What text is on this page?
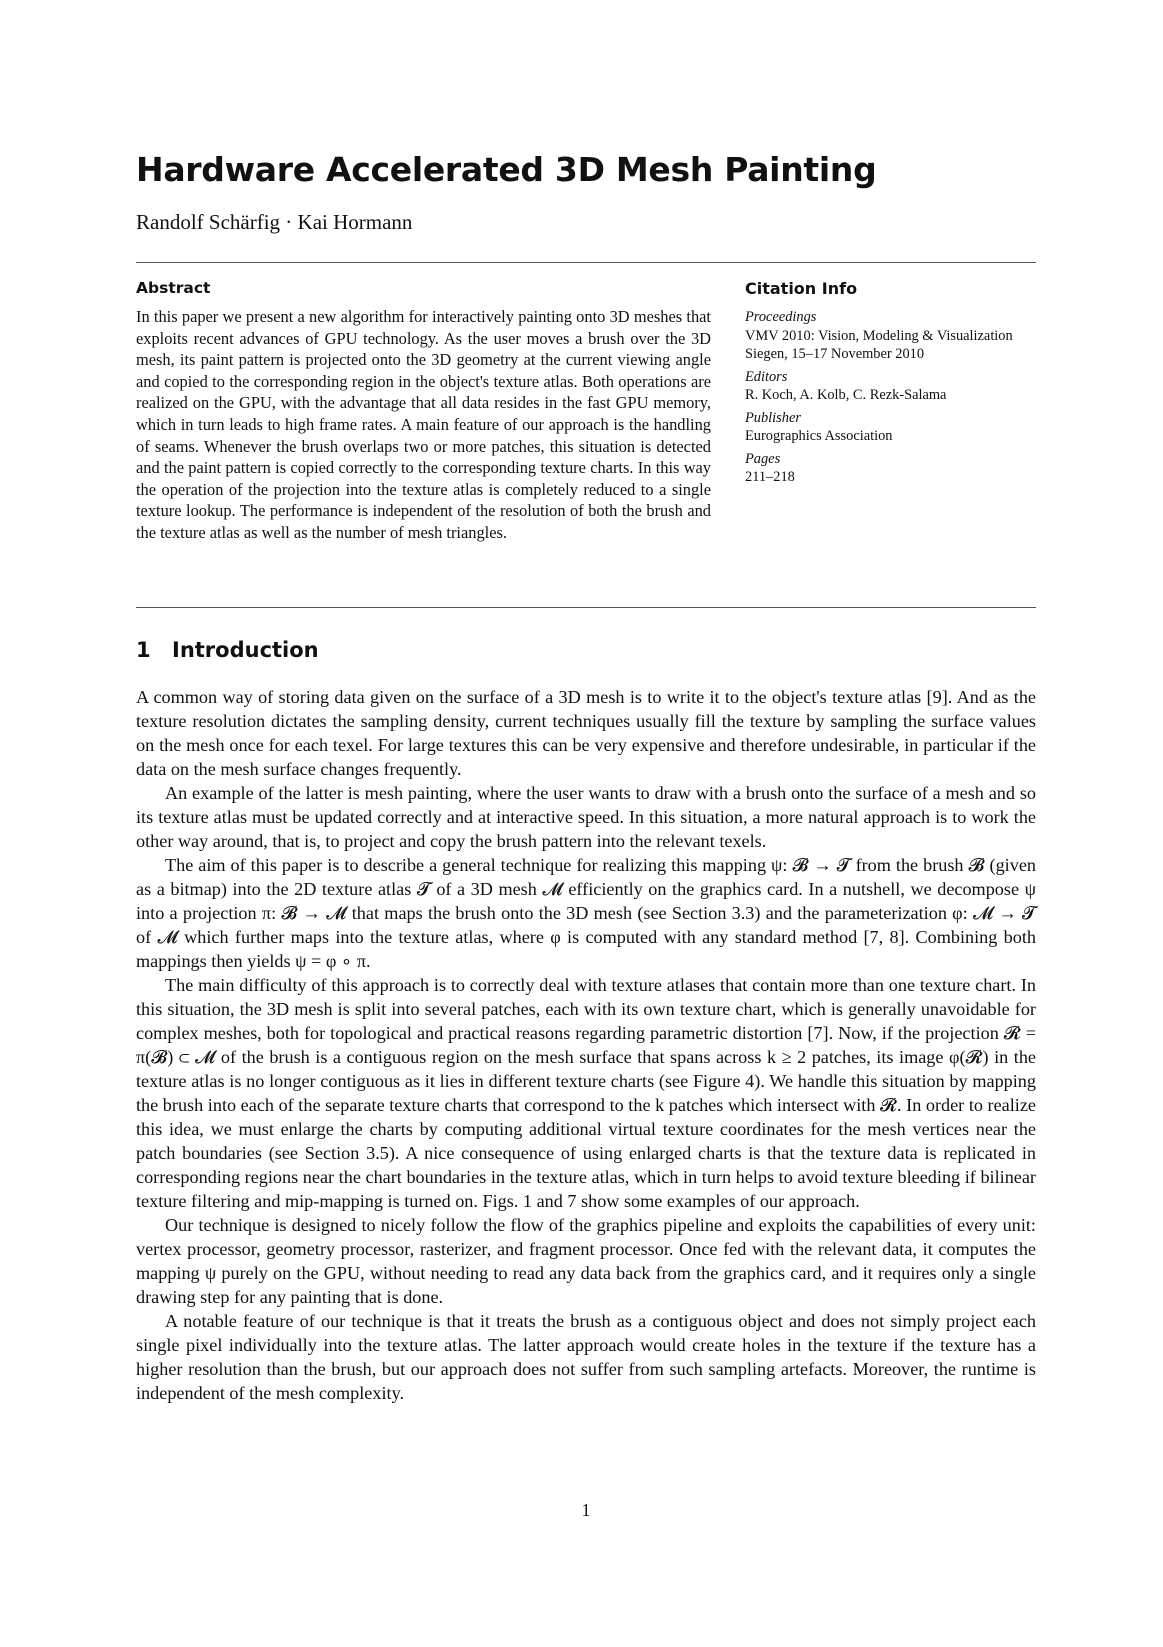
Hardware Accelerated 3D Mesh Painting
Randolf Schärfig · Kai Hormann
Abstract

In this paper we present a new algorithm for interactively painting onto 3D meshes that exploits recent advances of GPU technology. As the user moves a brush over the 3D mesh, its paint pattern is projected onto the 3D geometry at the current viewing angle and copied to the corresponding region in the object's texture atlas. Both operations are realized on the GPU, with the advantage that all data resides in the fast GPU memory, which in turn leads to high frame rates. A main feature of our approach is the handling of seams. Whenever the brush overlaps two or more patches, this situation is detected and the paint pattern is copied correctly to the corresponding texture charts. In this way the operation of the projection into the texture atlas is completely reduced to a single texture lookup. The performance is independent of the resolution of both the brush and the texture atlas as well as the number of mesh triangles.

Citation Info
Proceedings
VMV 2010: Vision, Modeling & Visualization
Siegen, 15–17 November 2010
Editors
R. Koch, A. Kolb, C. Rezk-Salama
Publisher
Eurographics Association
Pages
211–218
1 Introduction

A common way of storing data given on the surface of a 3D mesh is to write it to the object's texture atlas [9]. And as the texture resolution dictates the sampling density, current techniques usually fill the texture by sampling the surface values on the mesh once for each texel. For large textures this can be very expensive and therefore undesirable, in particular if the data on the mesh surface changes frequently.

An example of the latter is mesh painting, where the user wants to draw with a brush onto the surface of a mesh and so its texture atlas must be updated correctly and at interactive speed. In this situation, a more natural approach is to work the other way around, that is, to project and copy the brush pattern into the relevant texels.

The aim of this paper is to describe a general technique for realizing this mapping ψ: 𝓑 → 𝓣 from the brush 𝓑 (given as a bitmap) into the 2D texture atlas 𝓣 of a 3D mesh 𝓜 efficiently on the graphics card. In a nutshell, we decompose ψ into a projection π: 𝓑 → 𝓜 that maps the brush onto the 3D mesh (see Section 3.3) and the parameterization φ: 𝓜 → 𝓣 of 𝓜 which further maps into the texture atlas, where φ is computed with any standard method [7, 8]. Combining both mappings then yields ψ = φ ∘ π.

The main difficulty of this approach is to correctly deal with texture atlases that contain more than one texture chart. In this situation, the 3D mesh is split into several patches, each with its own texture chart, which is generally unavoidable for complex meshes, both for topological and practical reasons regarding parametric distortion [7]. Now, if the projection 𝓡 = π(𝓑) ⊂ 𝓜 of the brush is a contiguous region on the mesh surface that spans across k ≥ 2 patches, its image φ(𝓡) in the texture atlas is no longer contiguous as it lies in different texture charts (see Figure 4). We handle this situation by mapping the brush into each of the separate texture charts that correspond to the k patches which intersect with 𝓡. In order to realize this idea, we must enlarge the charts by computing additional virtual texture coordinates for the mesh vertices near the patch boundaries (see Section 3.5). A nice consequence of using enlarged charts is that the texture data is replicated in corresponding regions near the chart boundaries in the texture atlas, which in turn helps to avoid texture bleeding if bilinear texture filtering and mip-mapping is turned on. Figs. 1 and 7 show some examples of our approach.

Our technique is designed to nicely follow the flow of the graphics pipeline and exploits the capabilities of every unit: vertex processor, geometry processor, rasterizer, and fragment processor. Once fed with the relevant data, it computes the mapping ψ purely on the GPU, without needing to read any data back from the graphics card, and it requires only a single drawing step for any painting that is done.

A notable feature of our technique is that it treats the brush as a contiguous object and does not simply project each single pixel individually into the texture atlas. The latter approach would create holes in the texture if the texture has a higher resolution than the brush, but our approach does not suffer from such sampling artefacts. Moreover, the runtime is independent of the mesh complexity.

1
